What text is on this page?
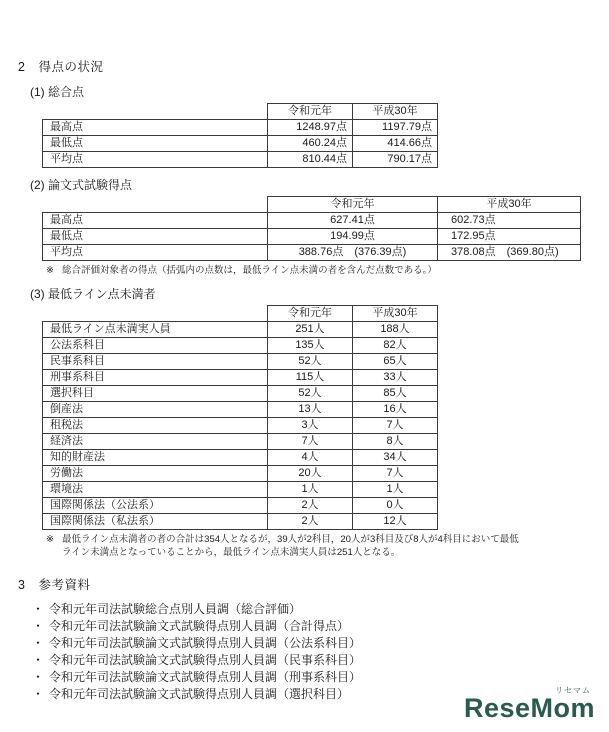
2　得点の状況
(1) 総合点
	令和元年	平成30年
最高点	1248.97点	1197.79点
最低点	460.24点	414.66点
平均点	810.44点	790.17点
(2) 論文式試験得点
	令和元年	平成30年
最高点	627.41点	602.73点
最低点	194.99点	172.95点
平均点	388.76点　(376.39点)	378.08点　(369.80点)
※ 総合評価対象者の得点（括弧内の点数は，最低ライン点未満の者を含んだ点数である。）
(3) 最低ライン点未満者
	令和元年	平成30年
最低ライン点未満実人員	251人	188人
公法系科目	135人	82人
民事系科目	52人	65人
刑事系科目	115人	33人
選択科目	52人	85人
倒産法	13人	16人
租税法	3人	7人
経済法	7人	8人
知的財産法	4人	34人
労働法	20人	7人
環境法	1人	1人
国際関係法（公法系）	2人	0人
国際関係法（私法系）	2人	12人
※ 最低ライン点未満者の者の合計は354人となるが，39人が2科目，20人が3科目及び8人が4科目において最低
ライン未満点となっていることから，最低ライン点未満実人員は251人となる。
3　参考資料
・ 令和元年司法試験総合点別人員調（総合評価）
・ 令和元年司法試験論文式試験得点別人員調（合計得点）
・ 令和元年司法試験論文式試験得点別人員調（公法系科目）
・ 令和元年司法試験論文式試験得点別人員調（民事系科目）
・ 令和元年司法試験論文式試験得点別人員調（刑事系科目）
・ 令和元年司法試験論文式試験得点別人員調（選択科目）	リセマム
ReseMom
